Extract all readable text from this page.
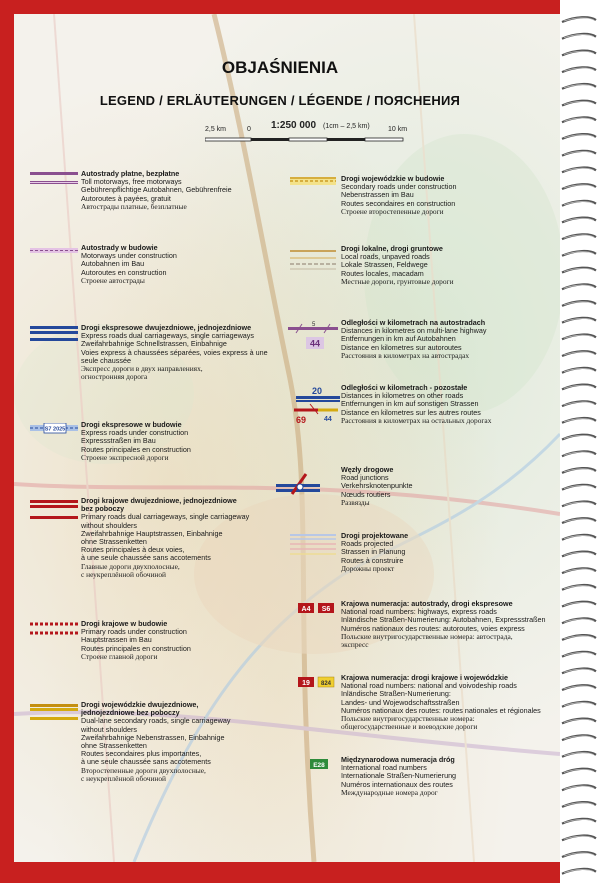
OBJAŚNIENIA
LEGEND / ERLÄUTERUNGEN / LÉGENDE / ПОЯСНЕНИЯ
2,5 km	0 1:250 000 (1cm – 2,5 km)	10 km
Autostrady płatne, bezpłatne
Toll motorways, free motorways
Gebührenpflichtige Autobahnen, Gebührenfreie
Autoroutes à payées, gratuit
Автострады платные, безплатные
Autostrady w budowie
Motorways under construction
Autobahnen im Bau
Autoroutes en construction
Строене автострады
Drogi ekspresowe dwujezdniowe, jednojezdniowe
Express roads dual carriageways, single carriageways
Zweifahrbahnige Schnellstrassen, Einbahnige
Voies express à chaussées séparées, voies express à une
seule chaussée
Экспресс дороги в двух направлениях,
огностронняя дорога
S7 2025
Drogi ekspresowe w budowie
Express roads under construction
Expressstraßen im Bau
Routes principales en construction
Строене экспресной дороги
Drogi krajowe dwujezdniowe, jednojezdniowe
bez poboczy
Primary roads dual carriageways, single carriageway
without shoulders
Zweifahrbahnige Hauptstrassen, Einbahnige
ohne Strassenketten
Routes principales à deux voies,
à une seule chaussée sans accotements
Главные дороги двухполосные,
с неукреплённой обочиной
Drogi krajowe w budowie
Primary roads under construction
Hauptstrassen im Bau
Routes principales en construction
Строене главной дороги
Drogi wojewódzkie dwujezdniowe,
jednojezdniowe bez poboczy
Dual-lane secondary roads, single carriageway
without shoulders
Zweifahrbahnige Nebenstrassen, Einbahnige
ohne Strassenketten
Routes secondaires plus importantes,
à une seule chaussée sans accotements
Второстепенные дороги двухполосные,
с неукреплённой обочиной
Drogi wojewódzkie w budowie
Secondary roads under construction
Nebenstrassen im Bau
Routes secondaires en construction
Строене второстепенные дороги
Drogi lokalne, drogi gruntowe
Local roads, unpaved roads
Lokale Strassen, Feldwege
Routes locales, macadam
Местные дороги, грунтовые дороги
5
44
Odległości w kilometrach na autostradach
Distances in kilometres on multi-lane highway
Entfernungen in km auf Autobahnen
Distance en kilometres sur autoroutes
Расстояния в километрах на автострадах
20
69	44
Odległości w kilometrach - pozostałe
Distances in kilometres on other roads
Entfernungen in km auf sonstigen Strassen
Distance en kilometres sur les autres routes
Расстояния в километрах на остальных дорогах
Węzły drogowe
Road junctions
Verkehrsknotenpunkte
Nœuds routiers
Развязды
Drogi projektowane
Roads projected
Strassen in Planung
Routes à construire
Дорожны проект
A4 S6
Krajowa numeracja: autostrady, drogi ekspresowe
National road numbers: highways, express roads
Inländische Straßen-Numerierung: Autobahnen, Expressstraßen
Numéros nationaux des routes: autoroutes, voies express
Польские внутригосударственные номера: автострада,
экспресс
19 824
Krajowa numeracja: drogi krajowe i wojewódzkie
National road numbers: national and voivodeship roads
Inländische Straßen-Numerierung:
Landes- und Wojewodschaftsstraßen
Numéros nationaux des routes: routes nationales et régionales
Польские внутригосударственные номера:
общегосударственные и воеводские дороги
E28
Międzynarodowa numeracja dróg
International road numbers
Internationale Straßen-Numerierung
Numéros internationaux des routes
Международные номера дорог
